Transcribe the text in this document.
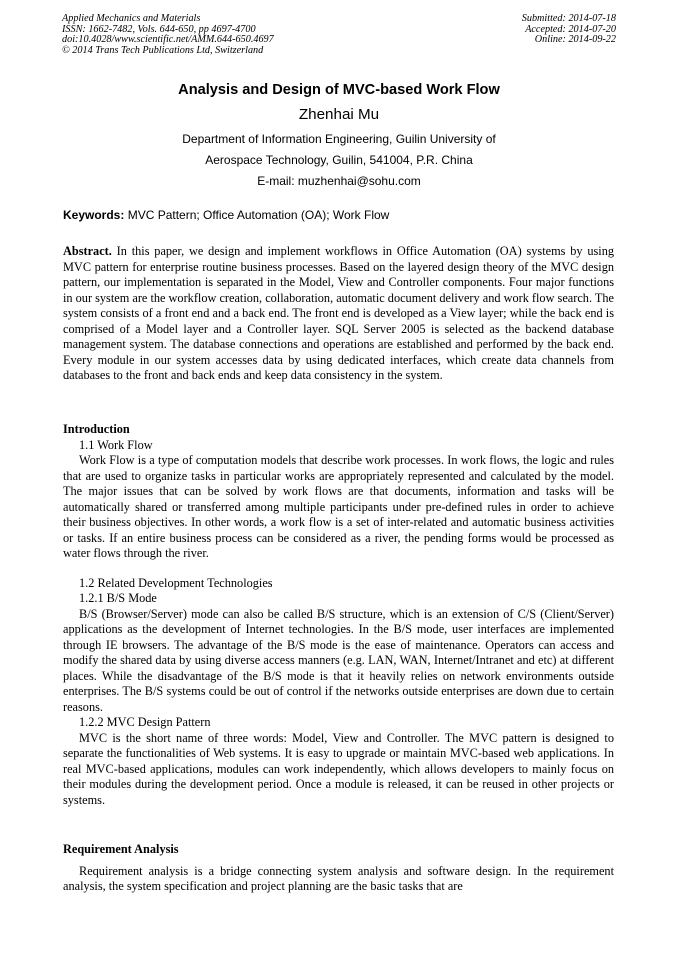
Applied Mechanics and Materials
ISSN: 1662-7482, Vols. 644-650, pp 4697-4700
doi:10.4028/www.scientific.net/AMM.644-650.4697
© 2014 Trans Tech Publications Ltd, Switzerland
Submitted: 2014-07-18
Accepted: 2014-07-20
Online: 2014-09-22
Analysis and Design of MVC-based Work Flow
Zhenhai Mu
Department of Information Engineering, Guilin University of
Aerospace Technology, Guilin, 541004, P.R. China
E-mail: muzhenhai@sohu.com
Keywords: MVC Pattern; Office Automation (OA); Work Flow

Abstract. In this paper, we design and implement workflows in Office Automation (OA) systems by using MVC pattern for enterprise routine business processes. Based on the layered design theory of the MVC design pattern, our implementation is separated in the Model, View and Controller components. Four major functions in our system are the workflow creation, collaboration, automatic document delivery and work flow search. The system consists of a front end and a back end. The front end is developed as a View layer; while the back end is comprised of a Model layer and a Controller layer. SQL Server 2005 is selected as the backend database management system. The database connections and operations are established and performed by the back end. Every module in our system accesses data by using dedicated interfaces, which create data channels from databases to the front and back ends and keep data consistency in the system.

Introduction

1.1 Work Flow

Work Flow is a type of computation models that describe work processes. In work flows, the logic and rules that are used to organize tasks in particular works are appropriately represented and calculated by the model. The major issues that can be solved by work flows are that documents, information and tasks will be automatically shared or transferred among multiple participants under pre-defined rules in order to achieve their business objectives. In other words, a work flow is a set of inter-related and automatic business activities or tasks. If an entire business process can be considered as a river, the pending forms would be processed as water flows through the river.

1.2 Related Development Technologies

1.2.1 B/S Mode

B/S (Browser/Server) mode can also be called B/S structure, which is an extension of C/S (Client/Server) applications as the development of Internet technologies. In the B/S mode, user interfaces are implemented through IE browsers. The advantage of the B/S mode is the ease of maintenance. Operators can access and modify the shared data by using diverse access manners (e.g. LAN, WAN, Internet/Intranet and etc) at different places. While the disadvantage of the B/S mode is that it heavily relies on network environments outside enterprises. The B/S systems could be out of control if the networks outside enterprises are down due to certain reasons.

1.2.2 MVC Design Pattern

MVC is the short name of three words: Model, View and Controller. The MVC pattern is designed to separate the functionalities of Web systems. It is easy to upgrade or maintain MVC-based web applications. In real MVC-based applications, modules can work independently, which allows developers to mainly focus on their modules during the development period. Once a module is released, it can be reused in other projects or systems.

Requirement Analysis

Requirement analysis is a bridge connecting system analysis and software design. In the requirement analysis, the system specification and project planning are the basic tasks that are
